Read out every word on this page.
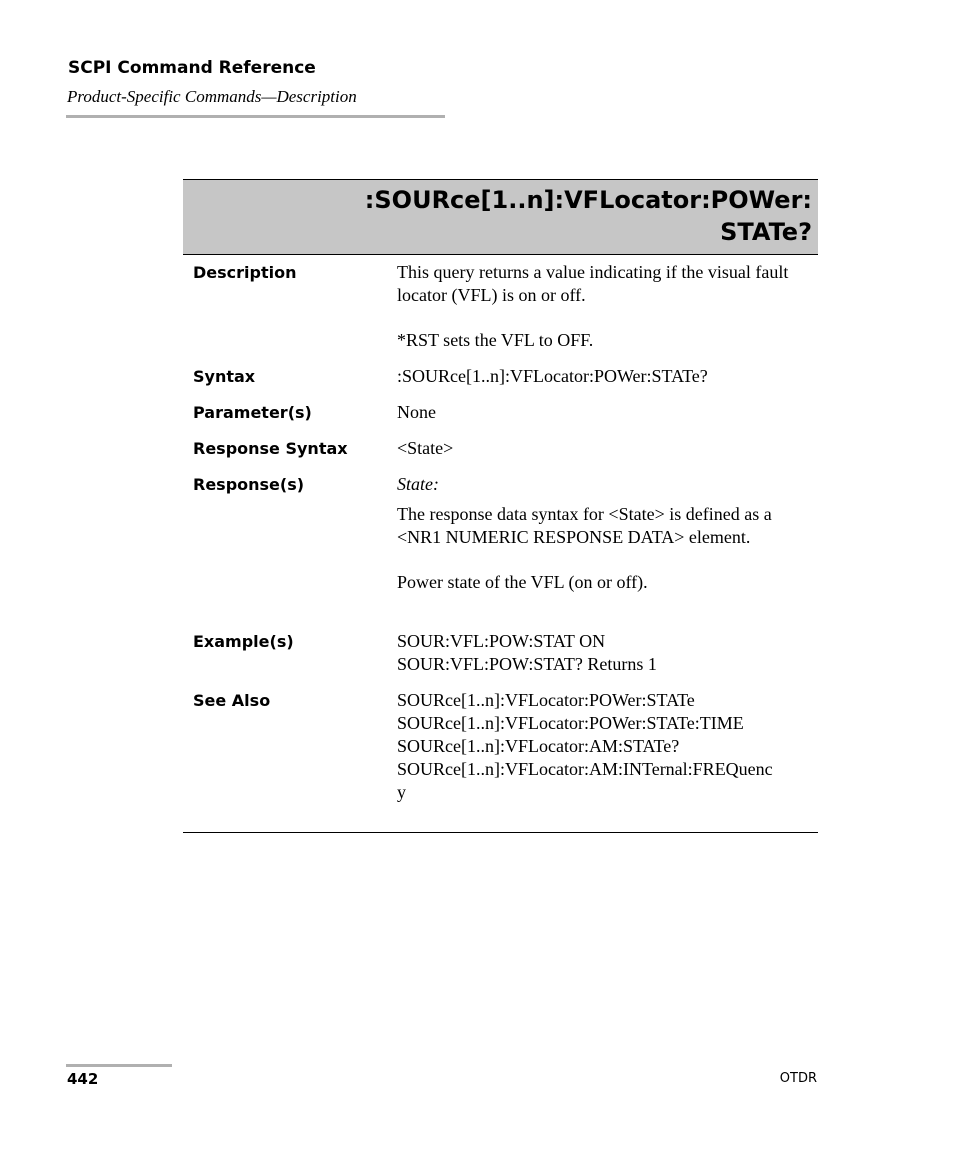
SCPI Command Reference
Product-Specific Commands—Description
:SOURce[1..n]:VFLocator:POWer:
STATe?
Description	This query returns a value indicating if the visual fault locator (VFL) is on or off.

*RST sets the VFL to OFF.

Syntax	:SOURce[1..n]:VFLocator:POWer:STATe?
Parameter(s)	None
Response Syntax	<State>
Response(s)	State:

The response data syntax for <State> is defined as a <NR1 NUMERIC RESPONSE DATA> element.

Power state of the VFL (on or off).

Example(s)	SOUR:VFL:POW:STAT ON

SOUR:VFL:POW:STAT? Returns 1

See Also	SOURce[1..n]:VFLocator:POWer:STATe

SOURce[1..n]:VFLocator:POWer:STATe:TIME

SOURce[1..n]:VFLocator:AM:STATe?

SOURce[1..n]:VFLocator:AM:INTernal:FREQuenc

y

442	OTDR
